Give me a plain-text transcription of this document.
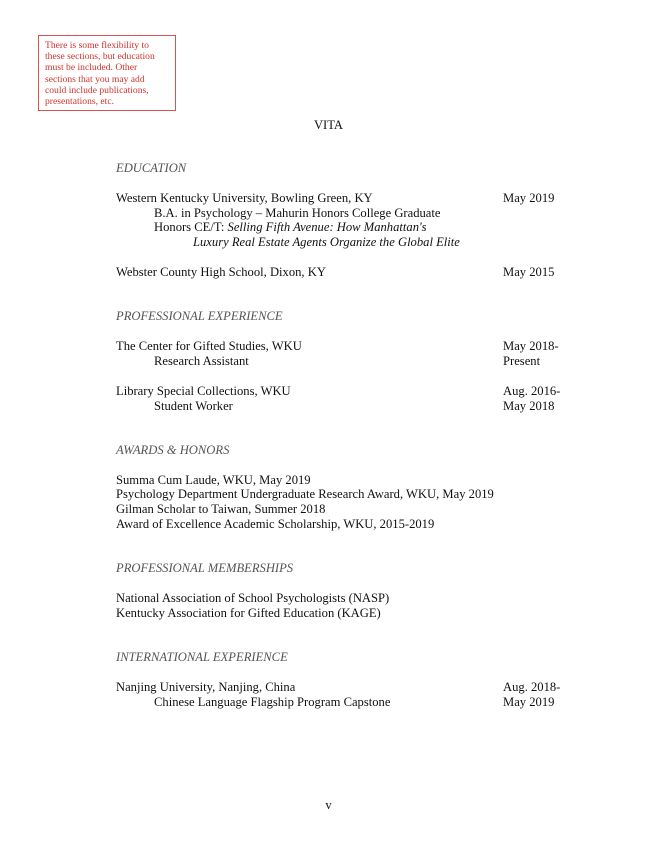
There is some flexibility to
these sections, but education
must be included. Other
sections that you may add
could include publications,
presentations, etc.
VITA
EDUCATION
Western Kentucky University, Bowling Green, KY	May 2019
B.A. in Psychology – Mahurin Honors College Graduate
Honors CE/T: Selling Fifth Avenue: How Manhattan's
Luxury Real Estate Agents Organize the Global Elite
Webster County High School, Dixon, KY	May 2015
PROFESSIONAL EXPERIENCE
The Center for Gifted Studies, WKU	May 2018-
Research Assistant	Present
Library Special Collections, WKU	Aug. 2016-
Student Worker	May 2018
AWARDS & HONORS
Summa Cum Laude, WKU, May 2019
Psychology Department Undergraduate Research Award, WKU, May 2019
Gilman Scholar to Taiwan, Summer 2018
Award of Excellence Academic Scholarship, WKU, 2015-2019
PROFESSIONAL MEMBERSHIPS
National Association of School Psychologists (NASP)
Kentucky Association for Gifted Education (KAGE)
INTERNATIONAL EXPERIENCE
Nanjing University, Nanjing, China	Aug. 2018-
Chinese Language Flagship Program Capstone	May 2019
v
